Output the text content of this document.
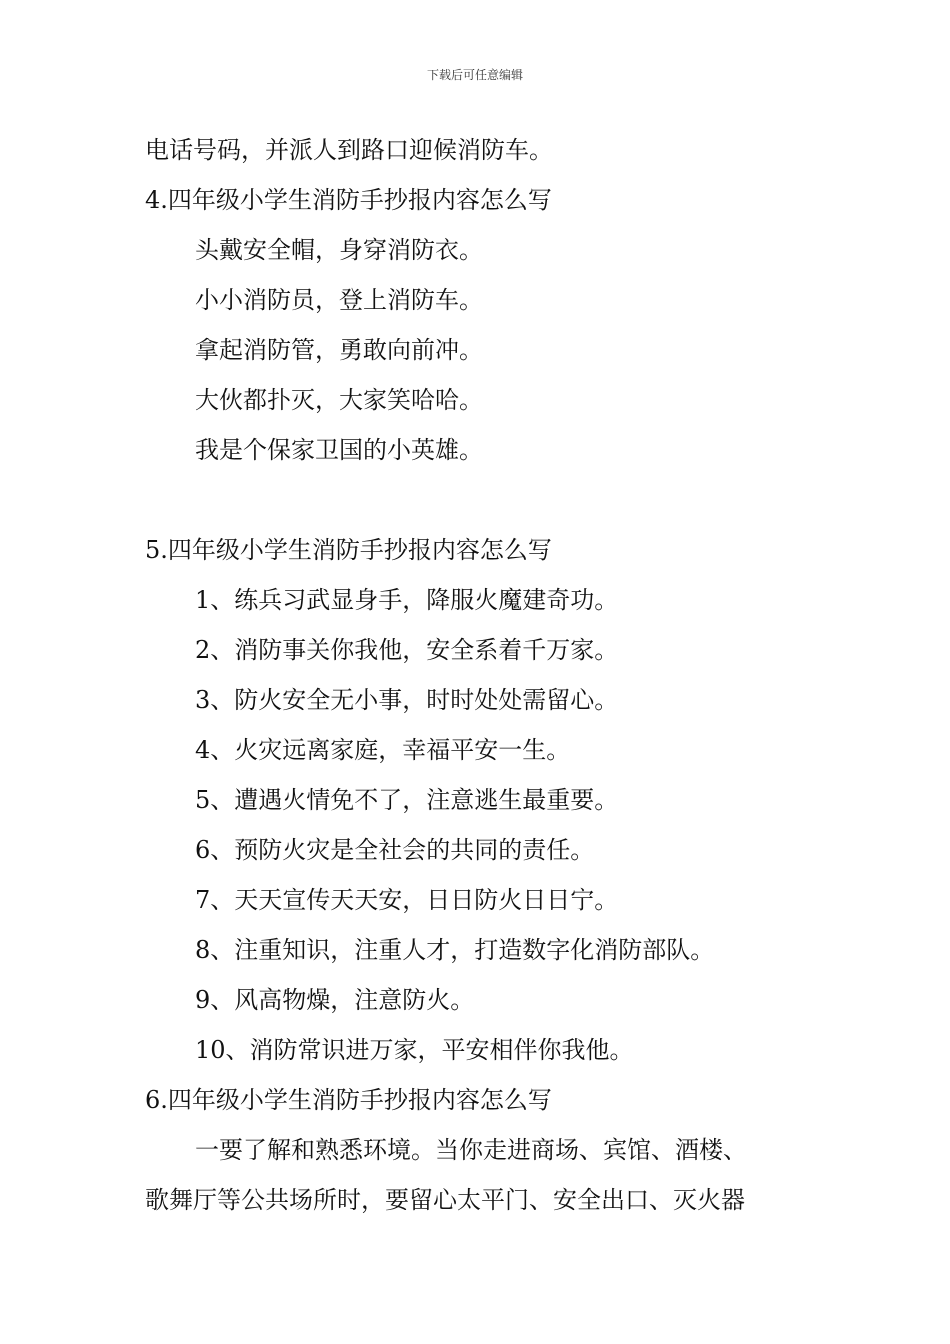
下载后可任意编辑
电话号码，并派人到路口迎候消防车。
4.四年级小学生消防手抄报内容怎么写
头戴安全帽，身穿消防衣。
小小消防员，登上消防车。
拿起消防管，勇敢向前冲。
大伙都扑灭，大家笑哈哈。
我是个保家卫国的小英雄。
5.四年级小学生消防手抄报内容怎么写
1、练兵习武显身手，降服火魔建奇功。
2、消防事关你我他，安全系着千万家。
3、防火安全无小事，时时处处需留心。
4、火灾远离家庭，幸福平安一生。
5、遭遇火情免不了，注意逃生最重要。
6、预防火灾是全社会的共同的责任。
7、天天宣传天天安，日日防火日日宁。
8、注重知识，注重人才，打造数字化消防部队。
9、风高物燥，注意防火。
10、消防常识进万家，平安相伴你我他。
6.四年级小学生消防手抄报内容怎么写
一要了解和熟悉环境。当你走进商场、宾馆、酒楼、
歌舞厅等公共场所时，要留心太平门、安全出口、灭火器
